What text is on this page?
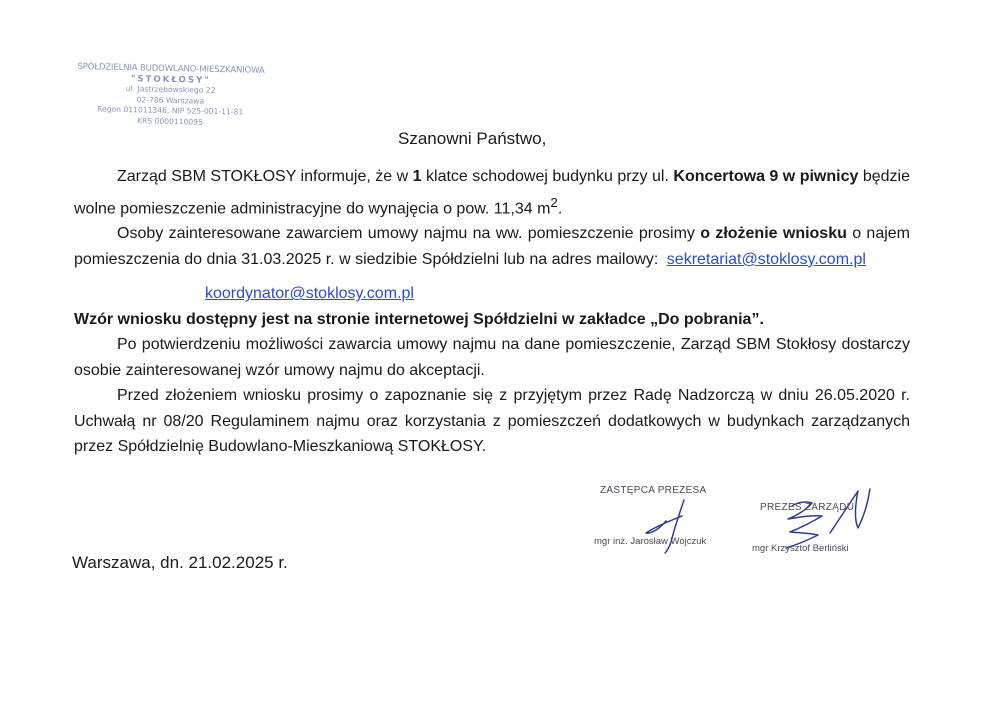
SPÓŁDZIELNIA BUDOWLANO-MIESZKANIOWA
"STOKŁOSY"
ul. Jastrzębowskiego 22
02-786 Warszawa
Regon 011011346, NIP 525-001-11-81
KRS 0000110095
Szanowni Państwo,

Zarząd SBM STOKŁOSY informuje, że w 1 klatce schodowej budynku przy ul. Koncertowa 9 w piwnicy będzie wolne pomieszczenie administracyjne do wynajęcia o pow. 11,34 $m^2$.

Osoby zainteresowane zawarciem umowy najmu na ww. pomieszczenie prosimy o złożenie wniosku o najem pomieszczenia do dnia 31.03.2025 r. w siedzibie Spółdzielni lub na adres mailowy: sekretariat@stoklosy.com.pl

koordynator@stoklosy.com.pl

Wzór wniosku dostępny jest na stronie internetowej Spółdzielni w zakładce „Do pobrania”.

Po potwierdzeniu możliwości zawarcia umowy najmu na dane pomieszczenie, Zarząd SBM Stokłosy dostarczy osobie zainteresowanej wzór umowy najmu do akceptacji.

Przed złożeniem wniosku prosimy o zapoznanie się z przyjętym przez Radę Nadzorczą w dniu 26.05.2020 r. Uchwałą nr 08/20 Regulaminem najmu oraz korzystania z pomieszczeń dodatkowych w budynkach zarządzanych przez Spółdzielnię Budowlano-Mieszkaniową STOKŁOSY.

ZASTĘPCA PREZESA
mgr inż. Jarosław Wojczuk
PREZES ZARZĄDU
mgr Krzysztof Berliński
Warszawa, dn. 21.02.2025 r.
